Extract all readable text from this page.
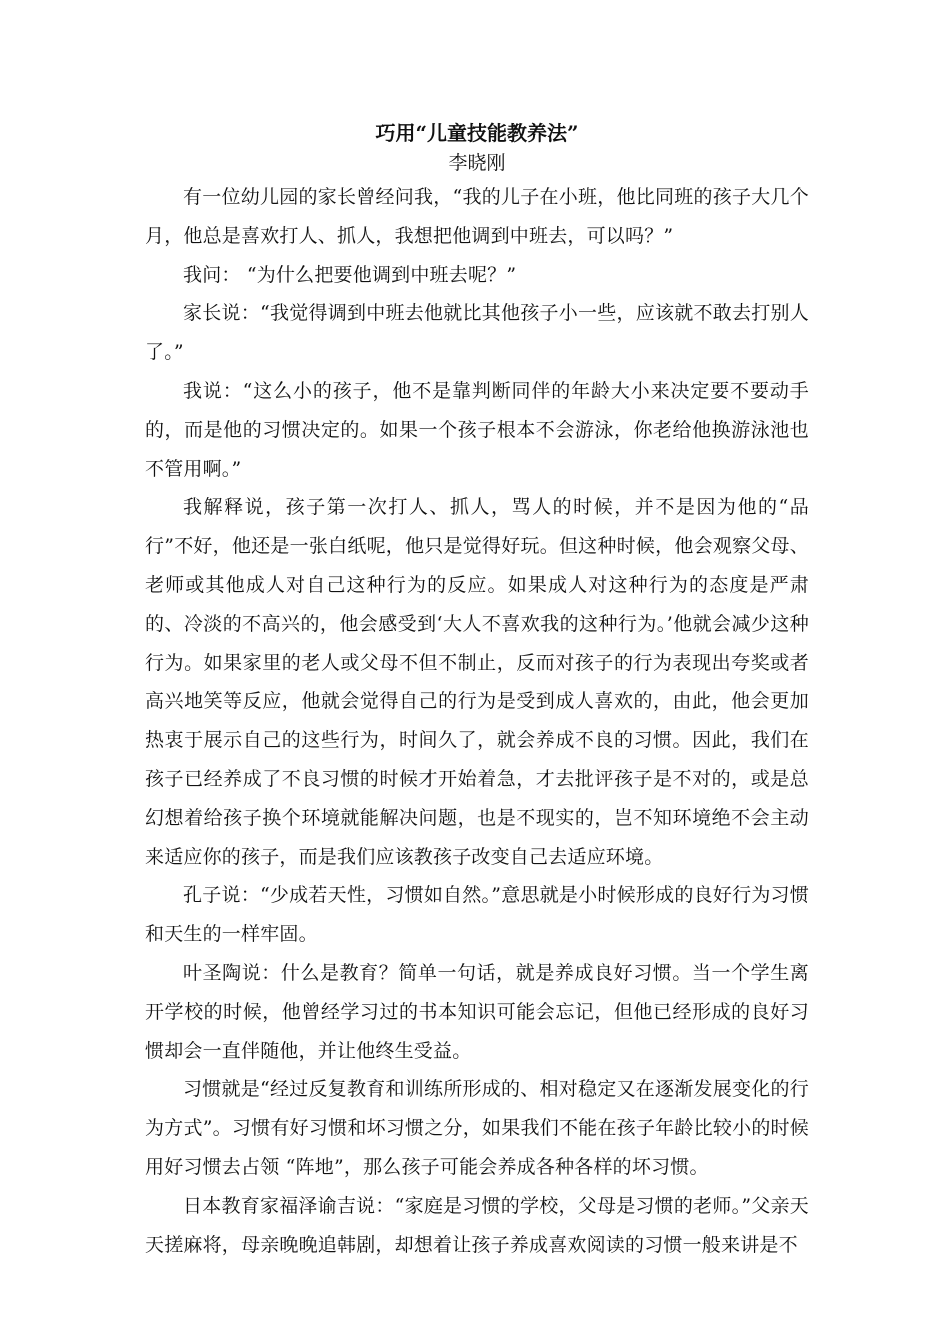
巧用“儿童技能教养法”
李晓刚

有一位幼儿园的家长曾经问我，“我的儿子在小班，他比同班的孩子大几个月，他总是喜欢打人、抓人，我想把他调到中班去，可以吗？”

我问： “为什么把要他调到中班去呢？”

家长说：“我觉得调到中班去他就比其他孩子小一些，应该就不敢去打别人了。”

我说：“这么小的孩子，他不是靠判断同伴的年龄大小来决定要不要动手的，而是他的习惯决定的。如果一个孩子根本不会游泳，你老给他换游泳池也不管用啊。”

我解释说，孩子第一次打人、抓人，骂人的时候，并不是因为他的“品行”不好，他还是一张白纸呢，他只是觉得好玩。但这种时候，他会观察父母、老师或其他成人对自己这种行为的反应。如果成人对这种行为的态度是严肃的、冷淡的不高兴的，他会感受到‘大人不喜欢我的这种行为。’他就会减少这种行为。如果家里的老人或父母不但不制止，反而对孩子的行为表现出夸奖或者高兴地笑等反应，他就会觉得自己的行为是受到成人喜欢的，由此，他会更加热衷于展示自己的这些行为，时间久了，就会养成不良的习惯。因此，我们在孩子已经养成了不良习惯的时候才开始着急，才去批评孩子是不对的，或是总幻想着给孩子换个环境就能解决问题，也是不现实的，岂不知环境绝不会主动来适应你的孩子，而是我们应该教孩子改变自己去适应环境。

孔子说：“少成若天性，习惯如自然。”意思就是小时候形成的良好行为习惯和天生的一样牢固。

叶圣陶说：什么是教育？简单一句话，就是养成良好习惯。当一个学生离开学校的时候，他曾经学习过的书本知识可能会忘记，但他已经形成的良好习惯却会一直伴随他，并让他终生受益。

习惯就是“经过反复教育和训练所形成的、相对稳定又在逐渐发展变化的行为方式”。习惯有好习惯和坏习惯之分，如果我们不能在孩子年龄比较小的时候用好习惯去占领 “阵地”，那么孩子可能会养成各种各样的坏习惯。

日本教育家福泽谕吉说：“家庭是习惯的学校，父母是习惯的老师。”父亲天天搓麻将，母亲晚晚追韩剧，却想着让孩子养成喜欢阅读的习惯一般来讲是不
